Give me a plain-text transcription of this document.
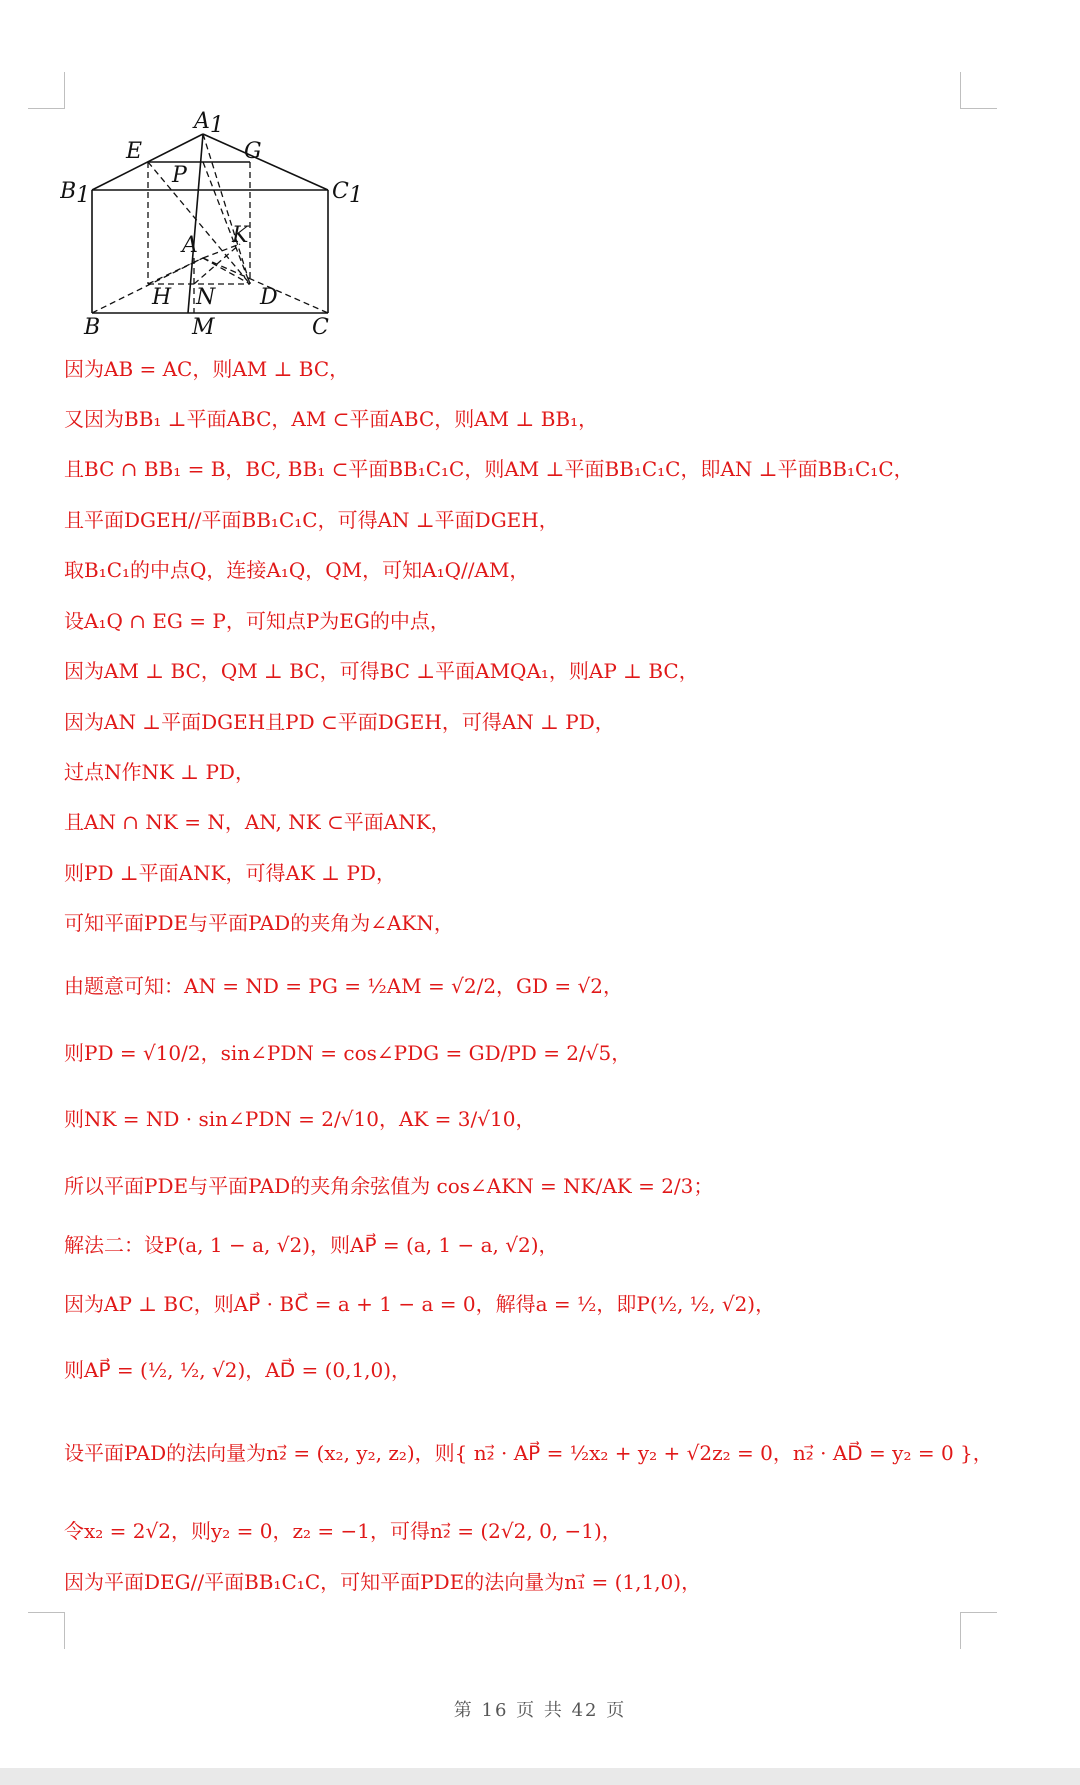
A1
E	G
P
B1	C1
A K
H N D
B	M	C
因为AB = AC，则AM ⊥ BC，
又因为BB₁ ⊥平面ABC，AM ⊂平面ABC，则AM ⊥ BB₁，
且BC ∩ BB₁ = B，BC, BB₁ ⊂平面BB₁C₁C，则AM ⊥平面BB₁C₁C，即AN ⊥平面BB₁C₁C，
且平面DGEH//平面BB₁C₁C，可得AN ⊥平面DGEH，
取B₁C₁的中点Q，连接A₁Q，QM，可知A₁Q//AM，
设A₁Q ∩ EG = P，可知点P为EG的中点，
因为AM ⊥ BC，QM ⊥ BC，可得BC ⊥平面AMQA₁，则AP ⊥ BC，
因为AN ⊥平面DGEH且PD ⊂平面DGEH，可得AN ⊥ PD，
过点N作NK ⊥ PD，
且AN ∩ NK = N，AN, NK ⊂平面ANK，
则PD ⊥平面ANK，可得AK ⊥ PD，
可知平面PDE与平面PAD的夹角为∠AKN，
由题意可知：AN = ND = PG = ½AM = √2/2，GD = √2，
则PD = √10/2，sin∠PDN = cos∠PDG = GD/PD = 2/√5，
则NK = ND · sin∠PDN = 2/√10，AK = 3/√10，
所以平面PDE与平面PAD的夹角余弦值为 cos∠AKN = NK/AK = 2/3；
解法二：设P(a, 1 − a, √2)，则AP⃗ = (a, 1 − a, √2)，
因为AP ⊥ BC，则AP⃗ · BC⃗ = a + 1 − a = 0，解得a = ½，即P(½, ½, √2)，
则AP⃗ = (½, ½, √2)，AD⃗ = (0,1,0)，
设平面PAD的法向量为n₂⃗ = (x₂, y₂, z₂)，则{ n₂⃗ · AP⃗ = ½x₂ + y₂ + √2z₂ = 0，n₂⃗ · AD⃗ = y₂ = 0 }，
令x₂ = 2√2，则y₂ = 0，z₂ = −1，可得n₂⃗ = (2√2, 0, −1)，
因为平面DEG//平面BB₁C₁C，可知平面PDE的法向量为n₁⃗ = (1,1,0)，
第 16 页 共 42 页
